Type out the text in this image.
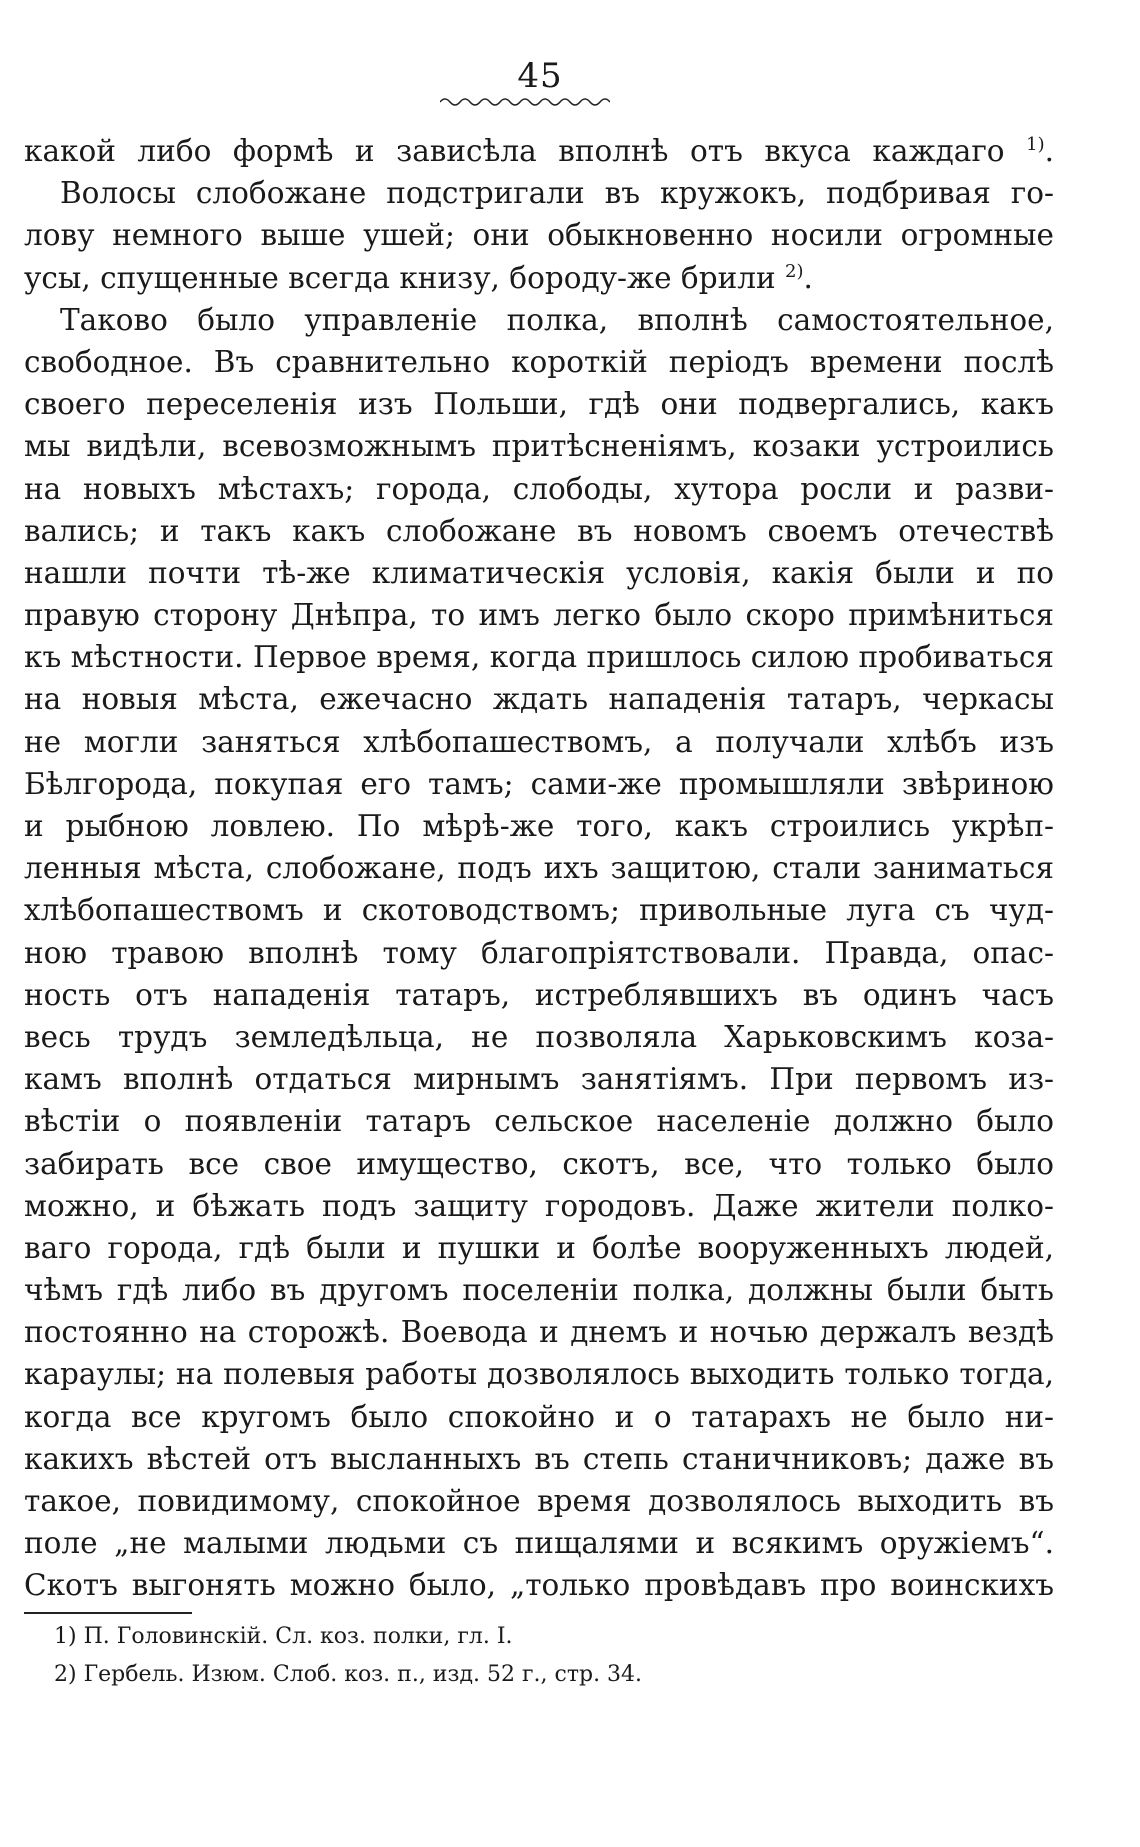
45
какой либо формѣ и зависѣла вполнѣ отъ вкуса каждаго $^{1)}$.
Волосы слобожане подстригали въ кружокъ, подбривая го-
лову немного выше ушей; они обыкновенно носили огромные
усы, спущенные всегда книзу, бороду-же брили $^{2)}$.
Таково было управленіе полка, вполнѣ самостоятельное,
свободное. Въ сравнительно короткій періодъ времени послѣ
своего переселенія изъ Польши, гдѣ они подвергались, какъ
мы видѣли, всевозможнымъ притѣсненіямъ, козаки устроились
на новыхъ мѣстахъ; города, слободы, хутора росли и разви-
вались; и такъ какъ слобожане въ новомъ своемъ отечествѣ
нашли почти тѣ-же климатическія условія, какія были и по
правую сторону Днѣпра, то имъ легко было скоро примѣниться
къ мѣстности. Первое время, когда пришлось силою пробиваться
на новыя мѣста, ежечасно ждать нападенія татаръ, черкасы
не могли заняться хлѣбопашествомъ, а получали хлѣбъ изъ
Бѣлгорода, покупая его тамъ; сами-же промышляли звѣриною
и рыбною ловлею. По мѣрѣ-же того, какъ строились укрѣп-
ленныя мѣста, слобожане, подъ ихъ защитою, стали заниматься
хлѣбопашествомъ и скотоводствомъ; привольные луга съ чуд-
ною травою вполнѣ тому благопріятствовали. Правда, опас-
ность отъ нападенія татаръ, истреблявшихъ въ одинъ часъ
весь трудъ земледѣльца, не позволяла Харьковскимъ коза-
камъ вполнѣ отдаться мирнымъ занятіямъ. При первомъ из-
вѣстіи о появленіи татаръ сельское населеніе должно было
забирать все свое имущество, скотъ, все, что только было
можно, и бѣжать подъ защиту городовъ. Даже жители полко-
ваго города, гдѣ были и пушки и болѣе вооруженныхъ людей,
чѣмъ гдѣ либо въ другомъ поселеніи полка, должны были быть
постоянно на сторожѣ. Воевода и днемъ и ночью держалъ вездѣ
караулы; на полевыя работы дозволялось выходить только тогда,
когда все кругомъ было спокойно и о татарахъ не было ни-
какихъ вѣстей отъ высланныхъ въ степь станичниковъ; даже въ
такое, повидимому, спокойное время дозволялось выходить въ
поле „не малыми людьми съ пищалями и всякимъ оружіемъ“.
Скотъ выгонять можно было, „только провѣдавъ про воинскихъ
1) П. Головинскій. Сл. коз. полки, гл. I.
2) Гербель. Изюм. Слоб. коз. п., изд. 52 г., стр. 34.
